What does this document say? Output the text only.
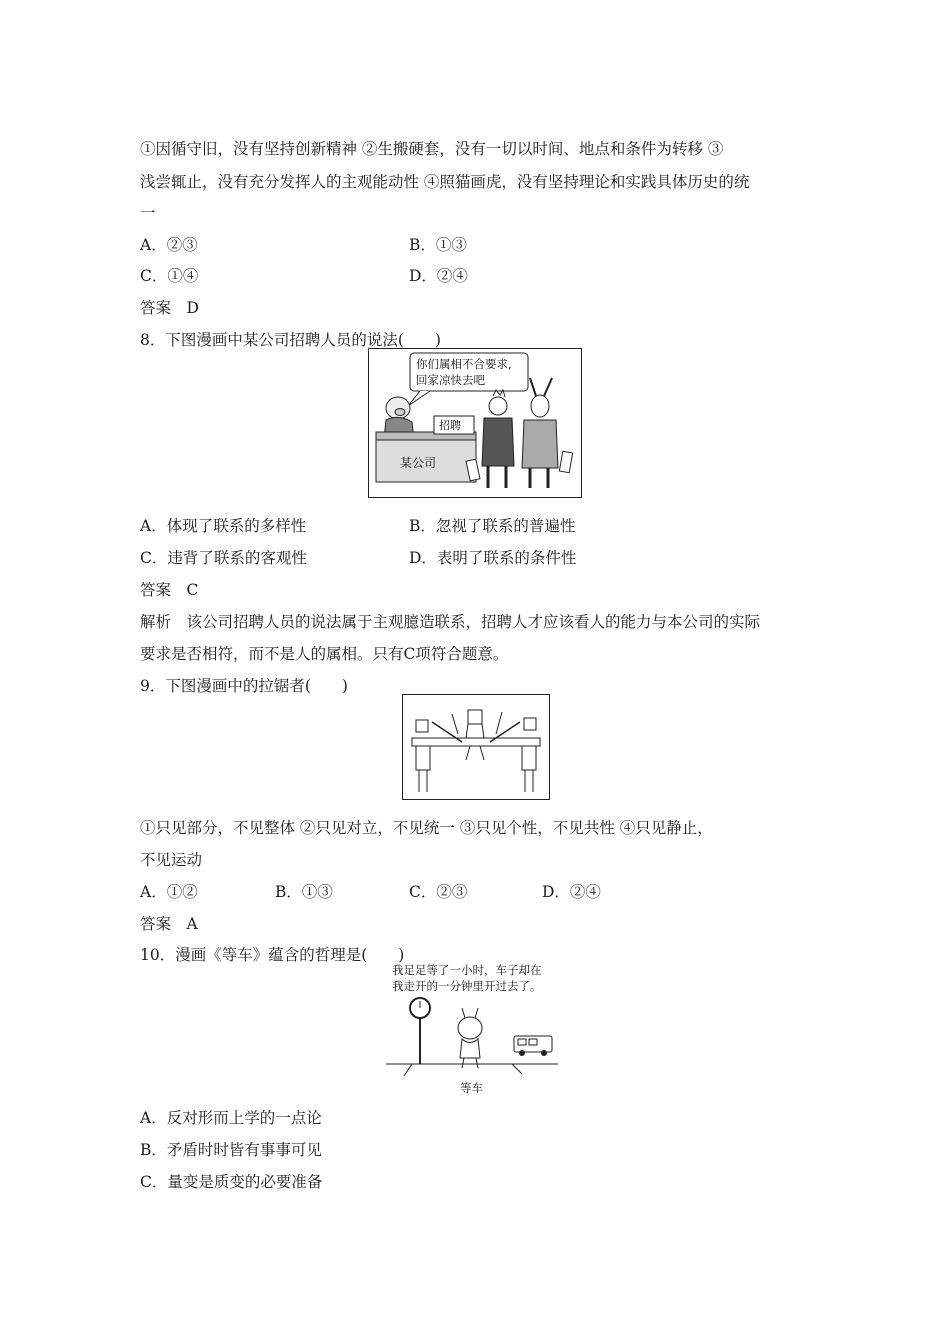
①因循守旧，没有坚持创新精神 ②生搬硬套，没有一切以时间、地点和条件为转移 ③
浅尝辄止，没有充分发挥人的主观能动性 ④照猫画虎，没有坚持理论和实践具体历史的统
一
A．②③	B．①③
C．①④	D．②④
答案　D
8．下图漫画中某公司招聘人员的说法(　　)
你们属相不合要求,
回家凉快去吧
某公司
招聘
A．体现了联系的多样性	B．忽视了联系的普遍性
C．违背了联系的客观性	D．表明了联系的条件性
答案　C
解析　该公司招聘人员的说法属于主观臆造联系，招聘人才应该看人的能力与本公司的实际
要求是否相符，而不是人的属相。只有C项符合题意。
9．下图漫画中的拉锯者(　　)
①只见部分，不见整体 ②只见对立，不见统一 ③只见个性，不见共性 ④只见静止，
不见运动
A．①②	B．①③	C．②③	D．②④
答案　A
10．漫画《等车》蕴含的哲理是(　　)
我足足等了一小时，车子却在
我走开的一分钟里开过去了。
等车
A．反对形而上学的一点论
B．矛盾时时皆有事事可见
C．量变是质变的必要准备
